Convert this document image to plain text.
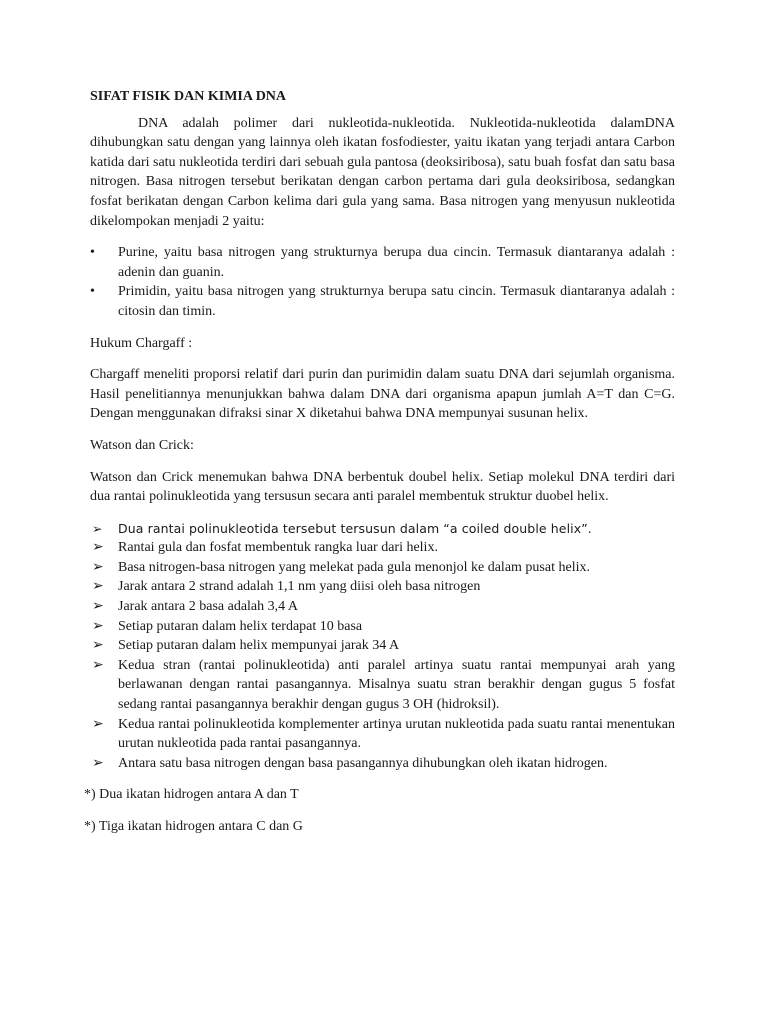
SIFAT FISIK DAN KIMIA DNA

DNA adalah polimer dari nukleotida-nukleotida. Nukleotida-nukleotida dalamDNA dihubungkan satu dengan yang lainnya oleh ikatan fosfodiester, yaitu ikatan yang terjadi antara Carbon katida dari satu nukleotida terdiri dari sebuah gula pantosa (deoksiribosa), satu buah fosfat dan satu basa nitrogen. Basa nitrogen tersebut berikatan dengan carbon pertama dari gula deoksiribosa, sedangkan fosfat berikatan dengan Carbon kelima dari gula yang sama. Basa nitrogen yang menyusun nukleotida dikelompokan menjadi 2 yaitu:

•	Purine, yaitu basa nitrogen yang strukturnya berupa dua cincin. Termasuk diantaranya adalah : adenin dan guanin.
•	Primidin, yaitu basa nitrogen yang strukturnya berupa satu cincin. Termasuk diantaranya adalah : citosin dan timin.

Hukum Chargaff :

Chargaff meneliti proporsi relatif dari purin dan purimidin dalam suatu DNA dari sejumlah organisma. Hasil penelitiannya menunjukkan bahwa dalam DNA dari organisma apapun jumlah A=T dan C=G. Dengan menggunakan difraksi sinar X diketahui bahwa DNA mempunyai susunan helix.

Watson dan Crick:

Watson dan Crick menemukan bahwa DNA berbentuk doubel helix. Setiap molekul DNA terdiri dari dua rantai polinukleotida yang tersusun secara anti paralel membentuk struktur duobel helix.

➢	Dua rantai polinukleotida tersebut tersusun dalam “a coiled double helix”.
➢	Rantai gula dan fosfat membentuk rangka luar dari helix.
➢	Basa nitrogen-basa nitrogen yang melekat pada gula menonjol ke dalam pusat helix.
➢	Jarak antara 2 strand adalah 1,1 nm yang diisi oleh basa nitrogen
➢	Jarak antara 2 basa adalah 3,4 A
➢	Setiap putaran dalam helix terdapat 10 basa
➢	Setiap putaran dalam helix mempunyai jarak 34 A
➢	Kedua stran (rantai polinukleotida) anti paralel artinya suatu rantai mempunyai arah yang berlawanan dengan rantai pasangannya. Misalnya suatu stran berakhir dengan gugus 5 fosfat sedang rantai pasangannya berakhir dengan gugus 3 OH (hidroksil).
➢	Kedua rantai polinukleotida komplementer artinya urutan nukleotida pada suatu rantai menentukan urutan nukleotida pada rantai pasangannya.
➢	Antara satu basa nitrogen dengan basa pasangannya dihubungkan oleh ikatan hidrogen.

*) Dua ikatan hidrogen antara A dan T

*) Tiga ikatan hidrogen antara C dan G
